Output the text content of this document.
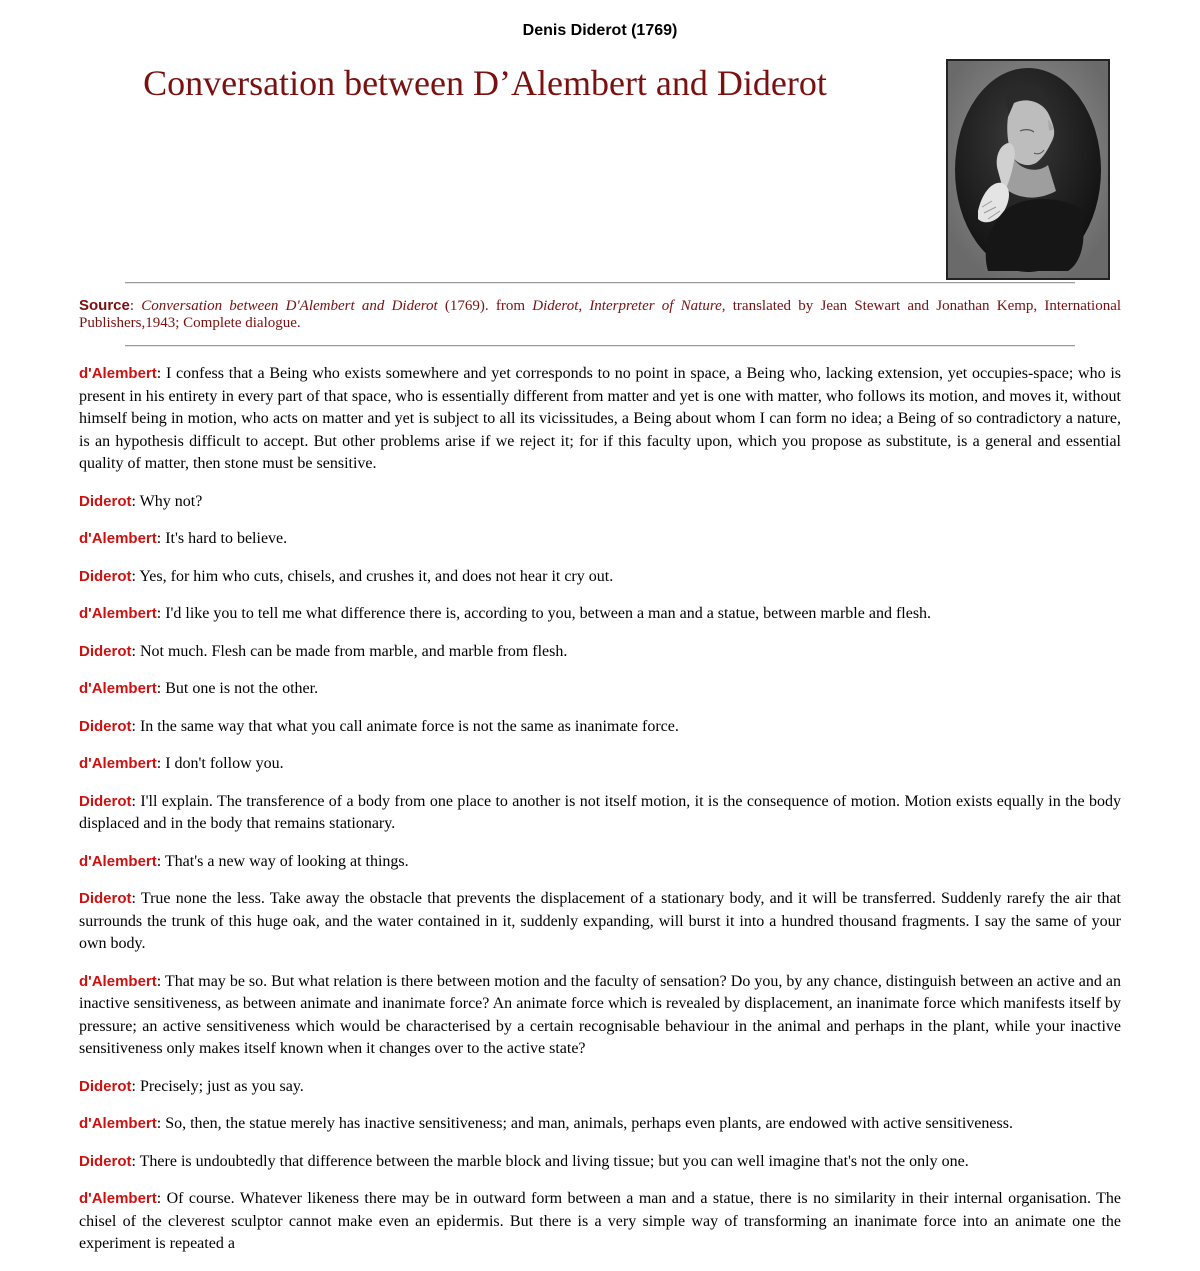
Denis Diderot (1769)
Conversation between D’Alembert and Diderot

Source: Conversation between D'Alembert and Diderot (1769). from Diderot, Interpreter of Nature, translated by Jean Stewart and Jonathan Kemp, International Publishers,1943; Complete dialogue.

d'Alembert: I confess that a Being who exists somewhere and yet corresponds to no point in space, a Being who, lacking extension, yet occupies-space; who is present in his entirety in every part of that space, who is essentially different from matter and yet is one with matter, who follows its motion, and moves it, without himself being in motion, who acts on matter and yet is subject to all its vicissitudes, a Being about whom I can form no idea; a Being of so contradictory a nature, is an hypothesis difficult to accept. But other problems arise if we reject it; for if this faculty upon, which you propose as substitute, is a general and essential quality of matter, then stone must be sensitive.

Diderot: Why not?

d'Alembert: It's hard to believe.

Diderot: Yes, for him who cuts, chisels, and crushes it, and does not hear it cry out.

d'Alembert: I'd like you to tell me what difference there is, according to you, between a man and a statue, between marble and flesh.

Diderot: Not much. Flesh can be made from marble, and marble from flesh.

d'Alembert: But one is not the other.

Diderot: In the same way that what you call animate force is not the same as inanimate force.

d'Alembert: I don't follow you.

Diderot: I'll explain. The transference of a body from one place to another is not itself motion, it is the consequence of motion. Motion exists equally in the body displaced and in the body that remains stationary.

d'Alembert: That's a new way of looking at things.

Diderot: True none the less. Take away the obstacle that prevents the displacement of a stationary body, and it will be transferred. Suddenly rarefy the air that surrounds the trunk of this huge oak, and the water contained in it, suddenly expanding, will burst it into a hundred thousand fragments. I say the same of your own body.

d'Alembert: That may be so. But what relation is there between motion and the faculty of sensation? Do you, by any chance, distinguish between an active and an inactive sensitiveness, as between animate and inanimate force? An animate force which is revealed by displacement, an inanimate force which manifests itself by pressure; an active sensitiveness which would be characterised by a certain recognisable behaviour in the animal and perhaps in the plant, while your inactive sensitiveness only makes itself known when it changes over to the active state?

Diderot: Precisely; just as you say.

d'Alembert: So, then, the statue merely has inactive sensitiveness; and man, animals, perhaps even plants, are endowed with active sensitiveness.

Diderot: There is undoubtedly that difference between the marble block and living tissue; but you can well imagine that's not the only one.

d'Alembert: Of course. Whatever likeness there may be in outward form between a man and a statue, there is no similarity in their internal organisation. The chisel of the cleverest sculptor cannot make even an epidermis. But there is a very simple way of transforming an inanimate force into an animate one the experiment is repeated a
